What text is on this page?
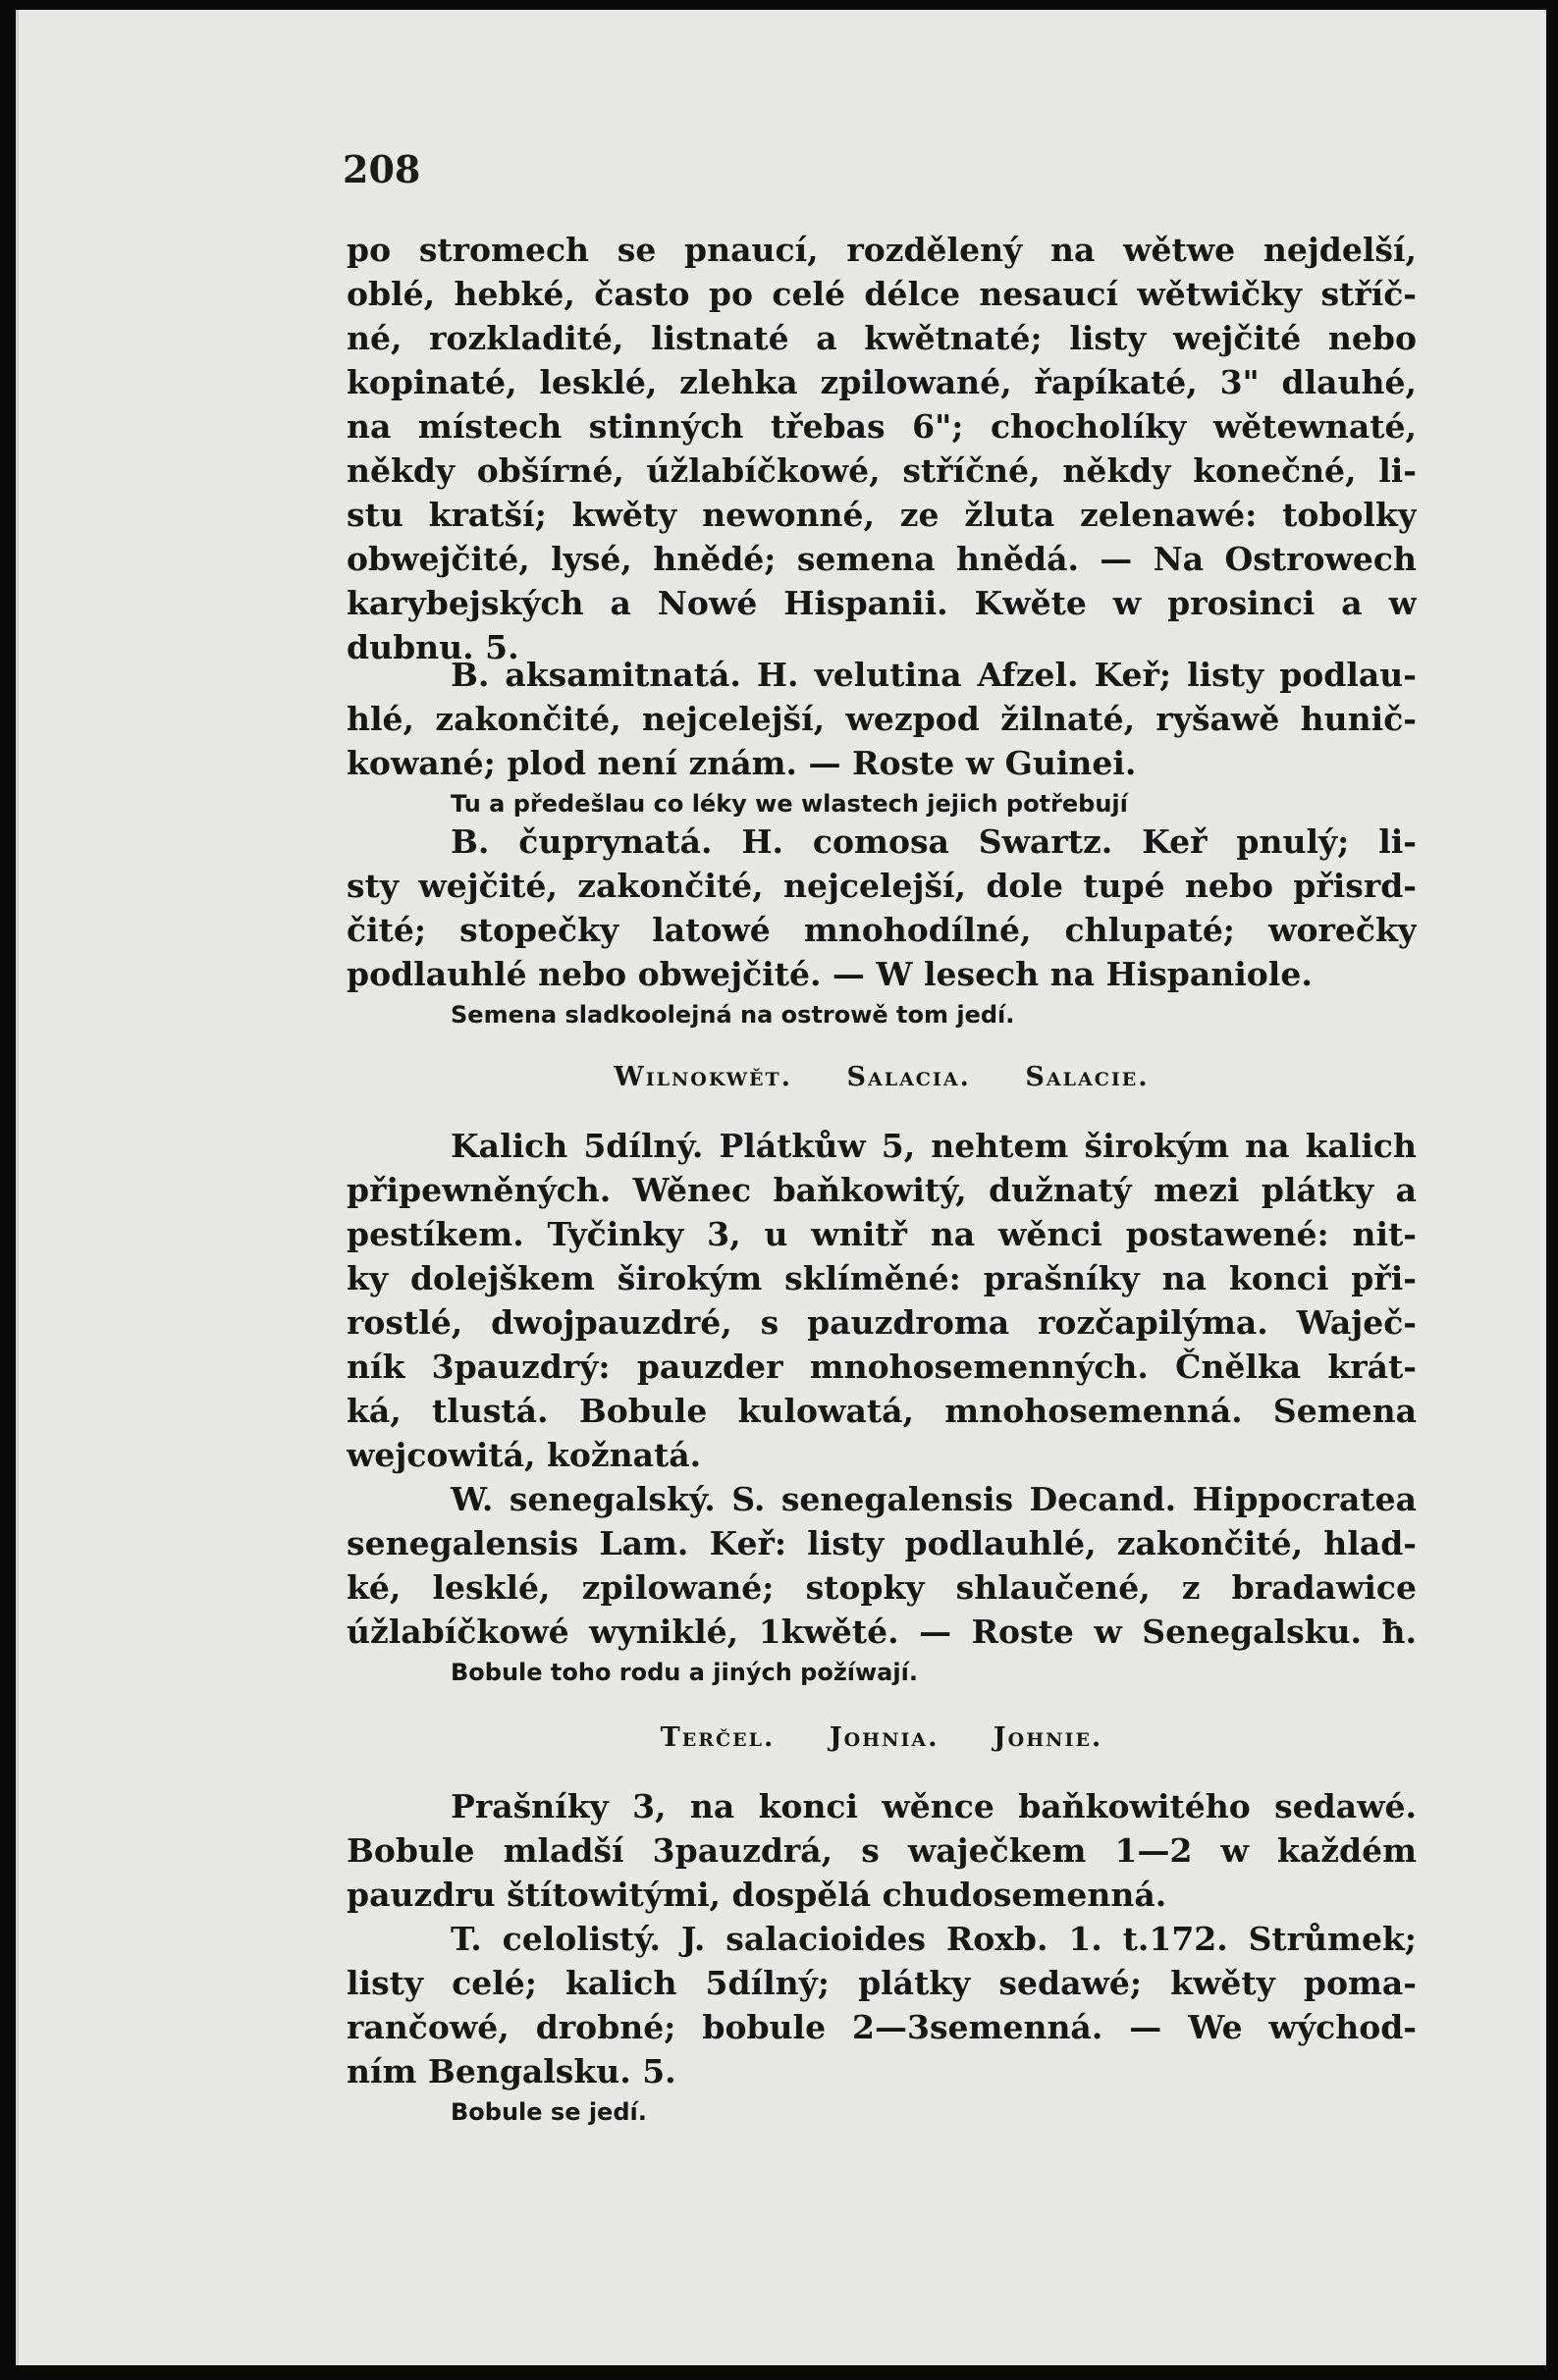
208
po stromech se pnaucí, rozdělený na wětwe nejdelší,
oblé, hebké, často po celé délce nesaucí wětwičky stříč-
né, rozkladité, listnaté a kwětnaté; listy wejčité nebo
kopinaté, lesklé, zlehka zpilowané, řapíkaté, 3" dlauhé,
na místech stinných třebas 6"; chocholíky wětewnaté,
někdy obšírné, úžlabíčkowé, stříčné, někdy konečné, li-
stu kratší; kwěty newonné, ze žluta zelenawé: tobolky
obwejčité, lysé, hnědé; semena hnědá. — Na Ostrowech
karybejských a Nowé Hispanii. Kwěte w prosinci a w
dubnu. 5.
B. aksamitnatá. H. velutina Afzel. Keř; listy podlau-
hlé, zakončité, nejcelejší, wezpod žilnaté, ryšawě hunič-
kowané; plod není znám. — Roste w Guinei.
Tu a předešlau co léky we wlastech jejich potřebují
B. čuprynatá. H. comosa Swartz. Keř pnulý; li-
sty wejčité, zakončité, nejcelejší, dole tupé nebo přisrd-
čité; stopečky latowé mnohodílné, chlupaté; worečky
podlauhlé nebo obwejčité. — W lesech na Hispaniole.
Semena sladkoolejná na ostrowě tom jedí.
Wilnokwět. Salacia. Salacie.
Kalich 5dílný. Plátkůw 5, nehtem širokým na kalich
připewněných. Wěnec baňkowitý, dužnatý mezi plátky a
pestíkem. Tyčinky 3, u wnitř na wěnci postawené: nit-
ky dolejškem širokým sklíměné: prašníky na konci při-
rostlé, dwojpauzdré, s pauzdroma rozčapilýma. Waječ-
ník 3pauzdrý: pauzder mnohosemenných. Čnělka krát-
ká, tlustá. Bobule kulowatá, mnohosemenná. Semena
wejcowitá, kožnatá.
W. senegalský. S. senegalensis Decand. Hippocratea
senegalensis Lam. Keř: listy podlauhlé, zakončité, hlad-
ké, lesklé, zpilowané; stopky shlaučené, z bradawice
úžlabíčkowé wyniklé, 1kwěté. — Roste w Senegalsku. ħ.
Bobule toho rodu a jiných požíwají.
Terčel. Johnia. Johnie.
Prašníky 3, na konci wěnce baňkowitého sedawé.
Bobule mladší 3pauzdrá, s waječkem 1—2 w každém
pauzdru štítowitými, dospělá chudosemenná.
T. celolistý. J. salacioides Roxb. 1. t.172. Strůmek;
listy celé; kalich 5dílný; plátky sedawé; kwěty poma-
rančowé, drobné; bobule 2—3semenná. — We wýchod-
ním Bengalsku. 5.
Bobule se jedí.
